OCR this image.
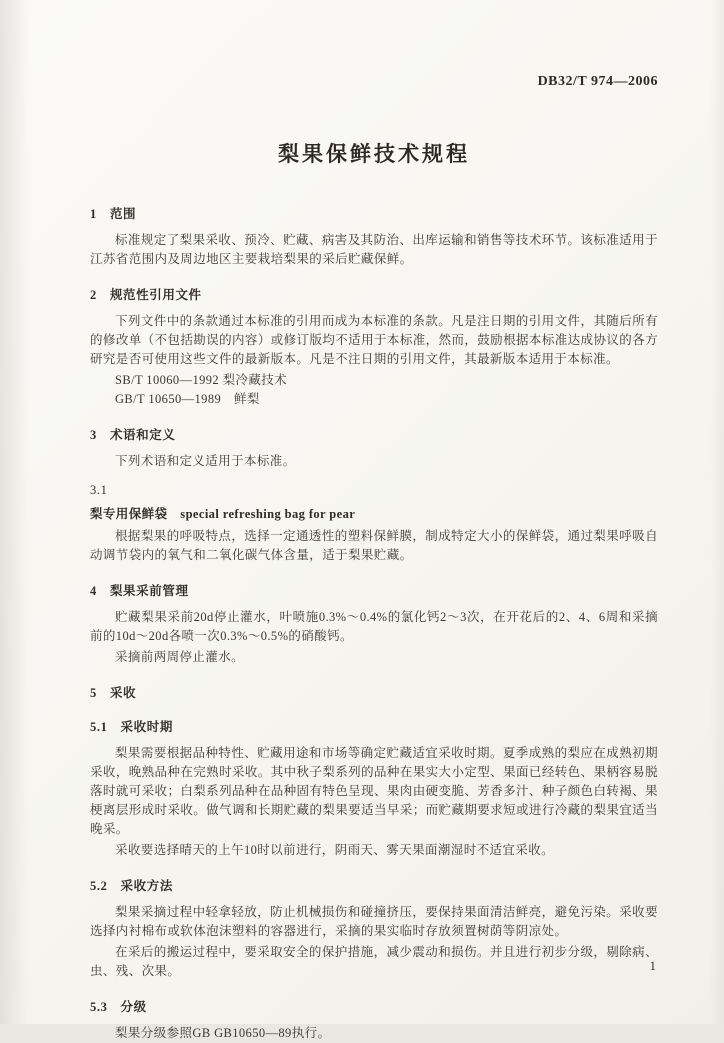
DB32/T 974—2006
梨果保鲜技术规程
1　范围

标准规定了梨果采收、预冷、贮藏、病害及其防治、出库运输和销售等技术环节。该标准适用于江苏省范围内及周边地区主要栽培梨果的采后贮藏保鲜。

2　规范性引用文件

下列文件中的条款通过本标准的引用而成为本标准的条款。凡是注日期的引用文件，其随后所有的修改单（不包括勘误的内容）或修订版均不适用于本标准，然而，鼓励根据本标准达成协议的各方研究是否可使用这些文件的最新版本。凡是不注日期的引用文件，其最新版本适用于本标准。

SB/T 10060—1992 梨冷藏技术
GB/T 10650—1989　鲜梨
3　术语和定义

下列术语和定义适用于本标准。

3.1
梨专用保鲜袋　special refreshing bag for pear

根据梨果的呼吸特点，选择一定通透性的塑料保鲜膜，制成特定大小的保鲜袋，通过梨果呼吸自动调节袋内的氧气和二氧化碳气体含量，适于梨果贮藏。

4　梨果采前管理

贮藏梨果采前20d停止灌水，叶喷施0.3%～0.4%的氯化钙2～3次，在开花后的2、4、6周和采摘前的10d～20d各喷一次0.3%～0.5%的硝酸钙。

采摘前两周停止灌水。

5　采收
5.1　采收时期

梨果需要根据品种特性、贮藏用途和市场等确定贮藏适宜采收时期。夏季成熟的梨应在成熟初期采收，晚熟品种在完熟时采收。其中秋子梨系列的品种在果实大小定型、果面已经转色、果柄容易脱落时就可采收；白梨系列品种在品种固有特色呈现、果肉由硬变脆、芳香多汁、种子颜色白转褐、果梗离层形成时采收。做气调和长期贮藏的梨果要适当早采；而贮藏期要求短或进行冷藏的梨果宜适当晚采。

采收要选择晴天的上午10时以前进行，阴雨天、雾天果面潮湿时不适宜采收。

5.2　采收方法

梨果采摘过程中轻拿轻放，防止机械损伤和碰撞挤压，要保持果面清洁鲜亮，避免污染。采收要选择内衬棉布或软体泡沫塑料的容器进行，采摘的果实临时存放须置树荫等阴凉处。

在采后的搬运过程中，要采取安全的保护措施，减少震动和损伤。并且进行初步分级，剔除病、虫、残、次果。

5.3　分级

梨果分级参照GB GB10650—89执行。

1
